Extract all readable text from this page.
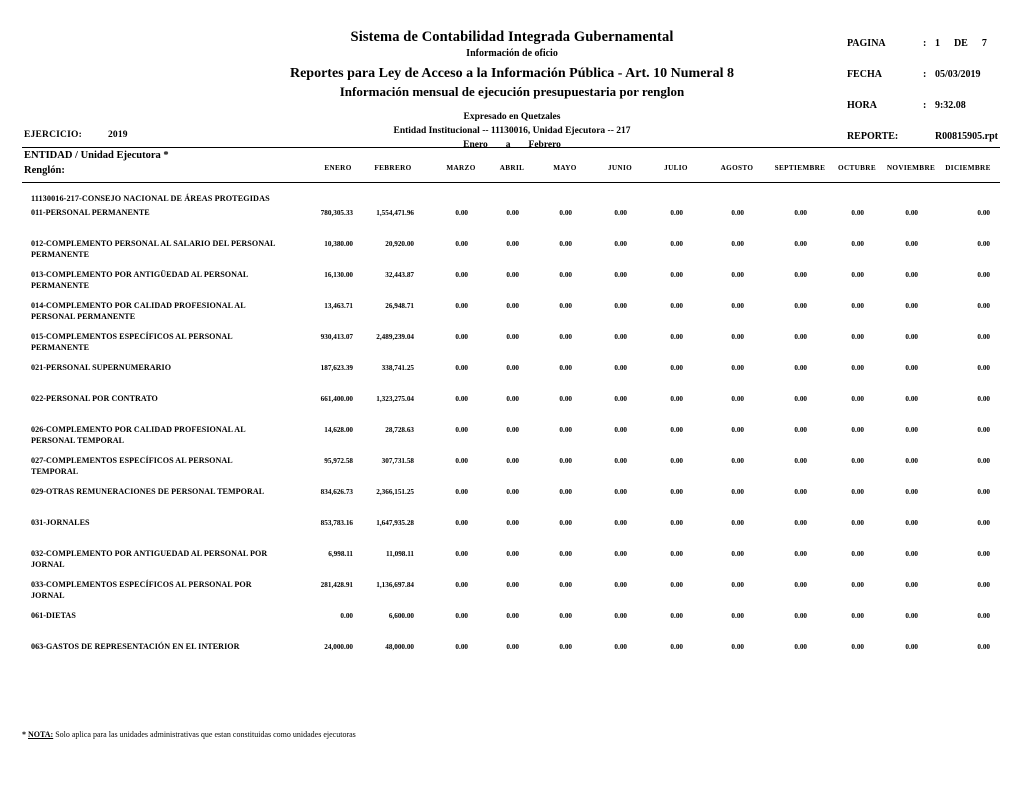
Sistema de Contabilidad Integrada Gubernamental
Información de oficio
Reportes para Ley de Acceso a la Información Pública - Art. 10 Numeral 8
Información mensual de ejecución presupuestaria por renglon
Expresado en Quetzales
Entidad Institucional -- 11130016, Unidad Ejecutora -- 217
Enero a Febrero
PAGINA	: 1 DE 7
FECHA	: 05/03/2019
HORA	: 9:32.08
REPORTE:	R00815905.rpt
EJERCICIO:	2019
ENTIDAD / Unidad Ejecutora *
Renglón:	ENERO	FEBRERO	MARZO	ABRIL	MAYO	JUNIO	JULIO	AGOSTO	SEPTIEMBRE OCTUBRE NOVIEMBRE DICIEMBRE
11130016-217-CONSEJO NACIONAL DE ÁREAS PROTEGIDAS
011-PERSONAL PERMANENTE	780,305.33	1,554,471.96	0.00	0.00	0.00	0.00	0.00	0.00	0.00	0.00	0.00	0.00
012-COMPLEMENTO PERSONAL AL SALARIO DEL PERSONAL PERMANENTE
10,380.00	20,920.00	0.00	0.00	0.00	0.00	0.00	0.00	0.00	0.00	0.00	0.00
013-COMPLEMENTO POR ANTIGÜEDAD AL PERSONAL PERMANENTE
16,130.00	32,443.87	0.00	0.00	0.00	0.00	0.00	0.00	0.00	0.00	0.00	0.00
014-COMPLEMENTO POR CALIDAD PROFESIONAL AL PERSONAL PERMANENTE
13,463.71	26,948.71	0.00	0.00	0.00	0.00	0.00	0.00	0.00	0.00	0.00	0.00
015-COMPLEMENTOS ESPECÍFICOS AL PERSONAL PERMANENTE
930,413.07	2,489,239.04	0.00	0.00	0.00	0.00	0.00	0.00	0.00	0.00	0.00	0.00
021-PERSONAL SUPERNUMERARIO	187,623.39	338,741.25	0.00	0.00	0.00	0.00	0.00	0.00	0.00	0.00	0.00	0.00
022-PERSONAL POR CONTRATO	661,400.00	1,323,275.04	0.00	0.00	0.00	0.00	0.00	0.00	0.00	0.00	0.00	0.00
026-COMPLEMENTO POR CALIDAD PROFESIONAL AL PERSONAL TEMPORAL
14,628.00	28,728.63	0.00	0.00	0.00	0.00	0.00	0.00	0.00	0.00	0.00	0.00
027-COMPLEMENTOS ESPECÍFICOS AL PERSONAL TEMPORAL
95,972.58	307,731.58	0.00	0.00	0.00	0.00	0.00	0.00	0.00	0.00	0.00	0.00
029-OTRAS REMUNERACIONES DE PERSONAL TEMPORAL	834,626.73	2,366,151.25	0.00	0.00	0.00	0.00	0.00	0.00	0.00	0.00	0.00	0.00
031-JORNALES	853,783.16	1,647,935.28	0.00	0.00	0.00	0.00	0.00	0.00	0.00	0.00	0.00	0.00
032-COMPLEMENTO POR ANTIGUEDAD AL PERSONAL POR JORNAL
6,998.11	11,098.11	0.00	0.00	0.00	0.00	0.00	0.00	0.00	0.00	0.00	0.00
033-COMPLEMENTOS ESPECÍFICOS AL PERSONAL POR JORNAL
281,428.91	1,136,697.84	0.00	0.00	0.00	0.00	0.00	0.00	0.00	0.00	0.00	0.00
061-DIETAS	0.00	6,600.00	0.00	0.00	0.00	0.00	0.00	0.00	0.00	0.00	0.00	0.00
063-GASTOS DE REPRESENTACIÓN EN EL INTERIOR	24,000.00	48,000.00	0.00	0.00	0.00	0.00	0.00	0.00	0.00	0.00	0.00	0.00
* NOTA: Solo aplica para las unidades administrativas que estan constituidas como unidades ejecutoras
